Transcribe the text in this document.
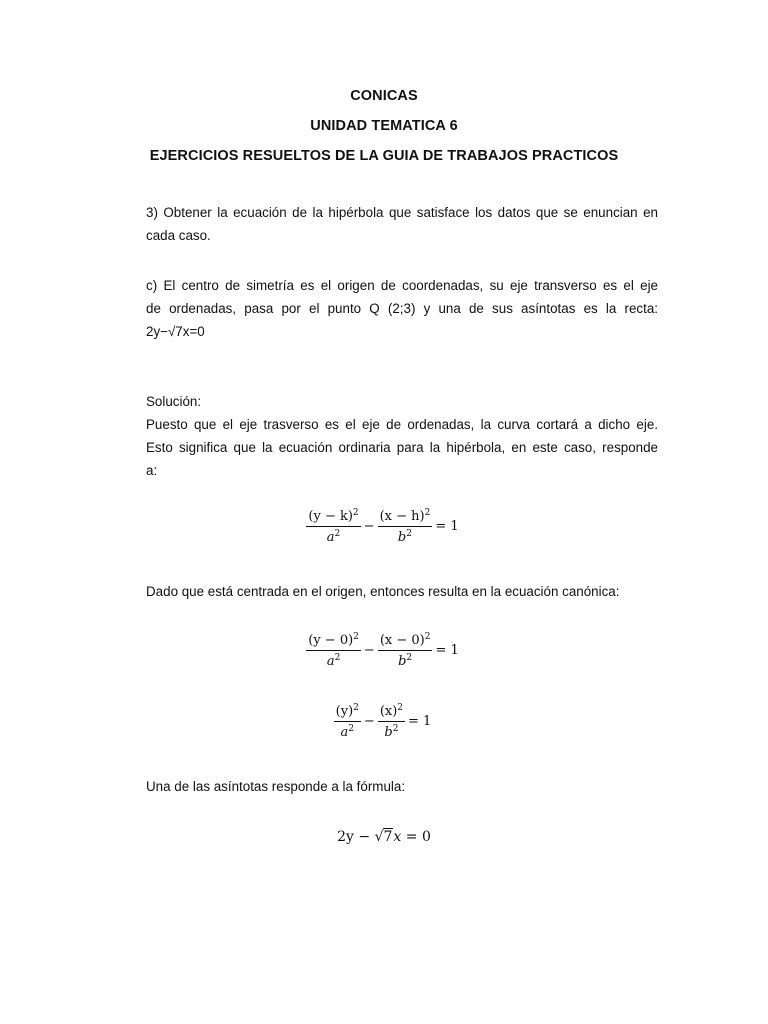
CONICAS
UNIDAD TEMATICA 6
EJERCICIOS RESUELTOS DE LA GUIA DE TRABAJOS PRACTICOS
3) Obtener la ecuación de la hipérbola que satisface los datos que se enuncian en
cada caso.
c) El centro de simetría es el origen de coordenadas, su eje transverso es el eje
de ordenadas, pasa por el punto Q (2;3) y una de sus asíntotas es la recta:
2y−√7x=0
Solución:
Puesto que el eje trasverso es el eje de ordenadas, la curva cortará a dicho eje.
Esto significa que la ecuación ordinaria para la hipérbola, en este caso, responde
a:
$\frac{(y - k)^2}{a^2} - \frac{(x - h)^2}{b^2} = 1$
Dado que está centrada en el origen, entonces resulta en la ecuación canónica:
$\frac{(y - 0)^2}{a^2} - \frac{(x - 0)^2}{b^2} = 1$
$\frac{(y)^2}{a^2} - \frac{(x)^2}{b^2} = 1$
Una de las asíntotas responde a la fórmula:
2y − √ 7 x = 0
